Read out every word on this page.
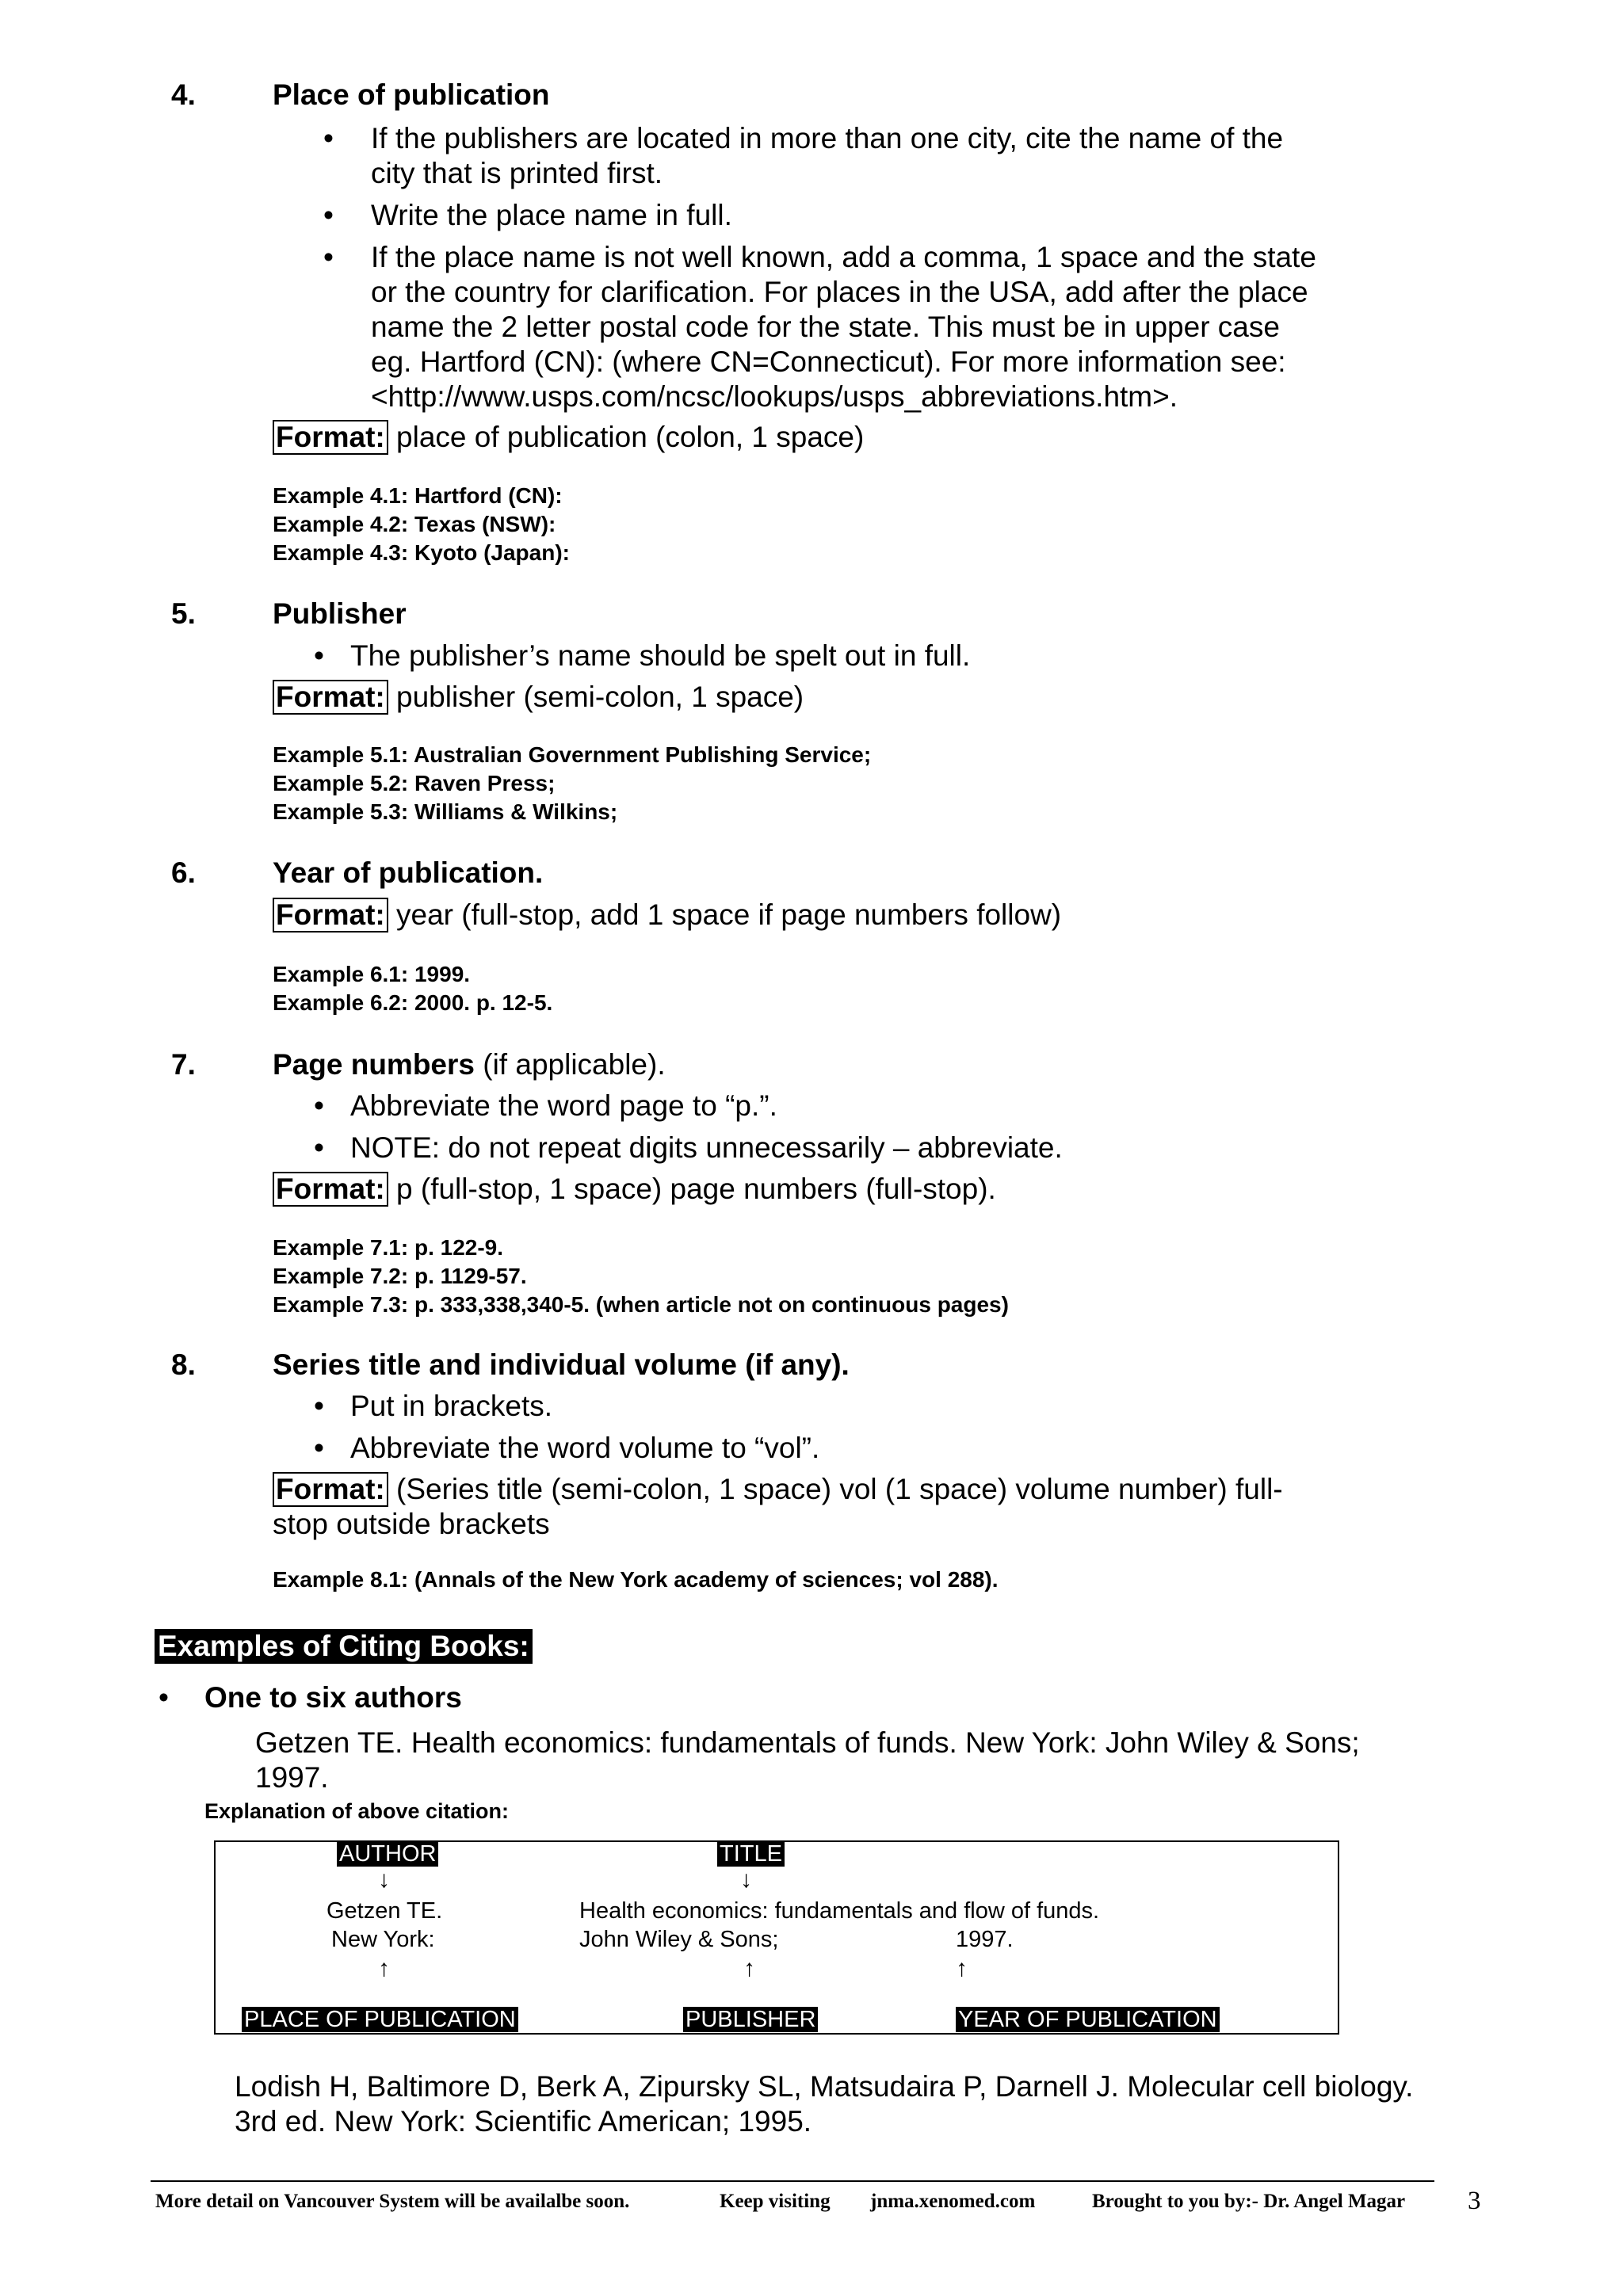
4.	Place of publication
• If the publishers are located in more than one city, cite the name of the
city that is printed first.
• Write the place name in full.
• If the place name is not well known, add a comma, 1 space and the state
or the country for clarification. For places in the USA, add after the place
name the 2 letter postal code for the state. This must be in upper case
eg. Hartford (CN): (where CN=Connecticut). For more information see:
<http://www.usps.com/ncsc/lookups/usps_abbreviations.htm>.
Format: place of publication (colon, 1 space)
Example 4.1: Hartford (CN):
Example 4.2: Texas (NSW):
Example 4.3: Kyoto (Japan):
5.	Publisher
• The publisher’s name should be spelt out in full.
Format: publisher (semi-colon, 1 space)
Example 5.1: Australian Government Publishing Service;
Example 5.2: Raven Press;
Example 5.3: Williams & Wilkins;
6.	Year of publication.
Format: year (full-stop, add 1 space if page numbers follow)
Example 6.1: 1999.
Example 6.2: 2000. p. 12-5.
7.	Page numbers (if applicable).
• Abbreviate the word page to “p.”.
• NOTE: do not repeat digits unnecessarily – abbreviate.
Format: p (full-stop, 1 space) page numbers (full-stop).
Example 7.1: p. 122-9.
Example 7.2: p. 1129-57.
Example 7.3: p. 333,338,340-5. (when article not on continuous pages)
8.	Series title and individual volume (if any).
• Put in brackets.
• Abbreviate the word volume to “vol”.
Format: (Series title (semi-colon, 1 space) vol (1 space) volume number) full-
stop outside brackets
Example 8.1: (Annals of the New York academy of sciences; vol 288).
Examples of Citing Books:
• One to six authors
Getzen TE. Health economics: fundamentals of funds. New York: John Wiley & Sons;
1997.
Explanation of above citation:
AUTHOR	TITLE
↓	↓
Getzen TE.	Health economics: fundamentals and flow of funds.
New York:	John Wiley & Sons;	1997.
↑	↑	↑
PLACE OF PUBLICATION	PUBLISHER	YEAR OF PUBLICATION
Lodish H, Baltimore D, Berk A, Zipursky SL, Matsudaira P, Darnell J. Molecular cell biology.
3rd ed. New York: Scientific American; 1995.
More detail on Vancouver System will be availalbe soon.	Keep visiting jnma.xenomed.com	Brought to you by:- Dr. Angel Magar 3
